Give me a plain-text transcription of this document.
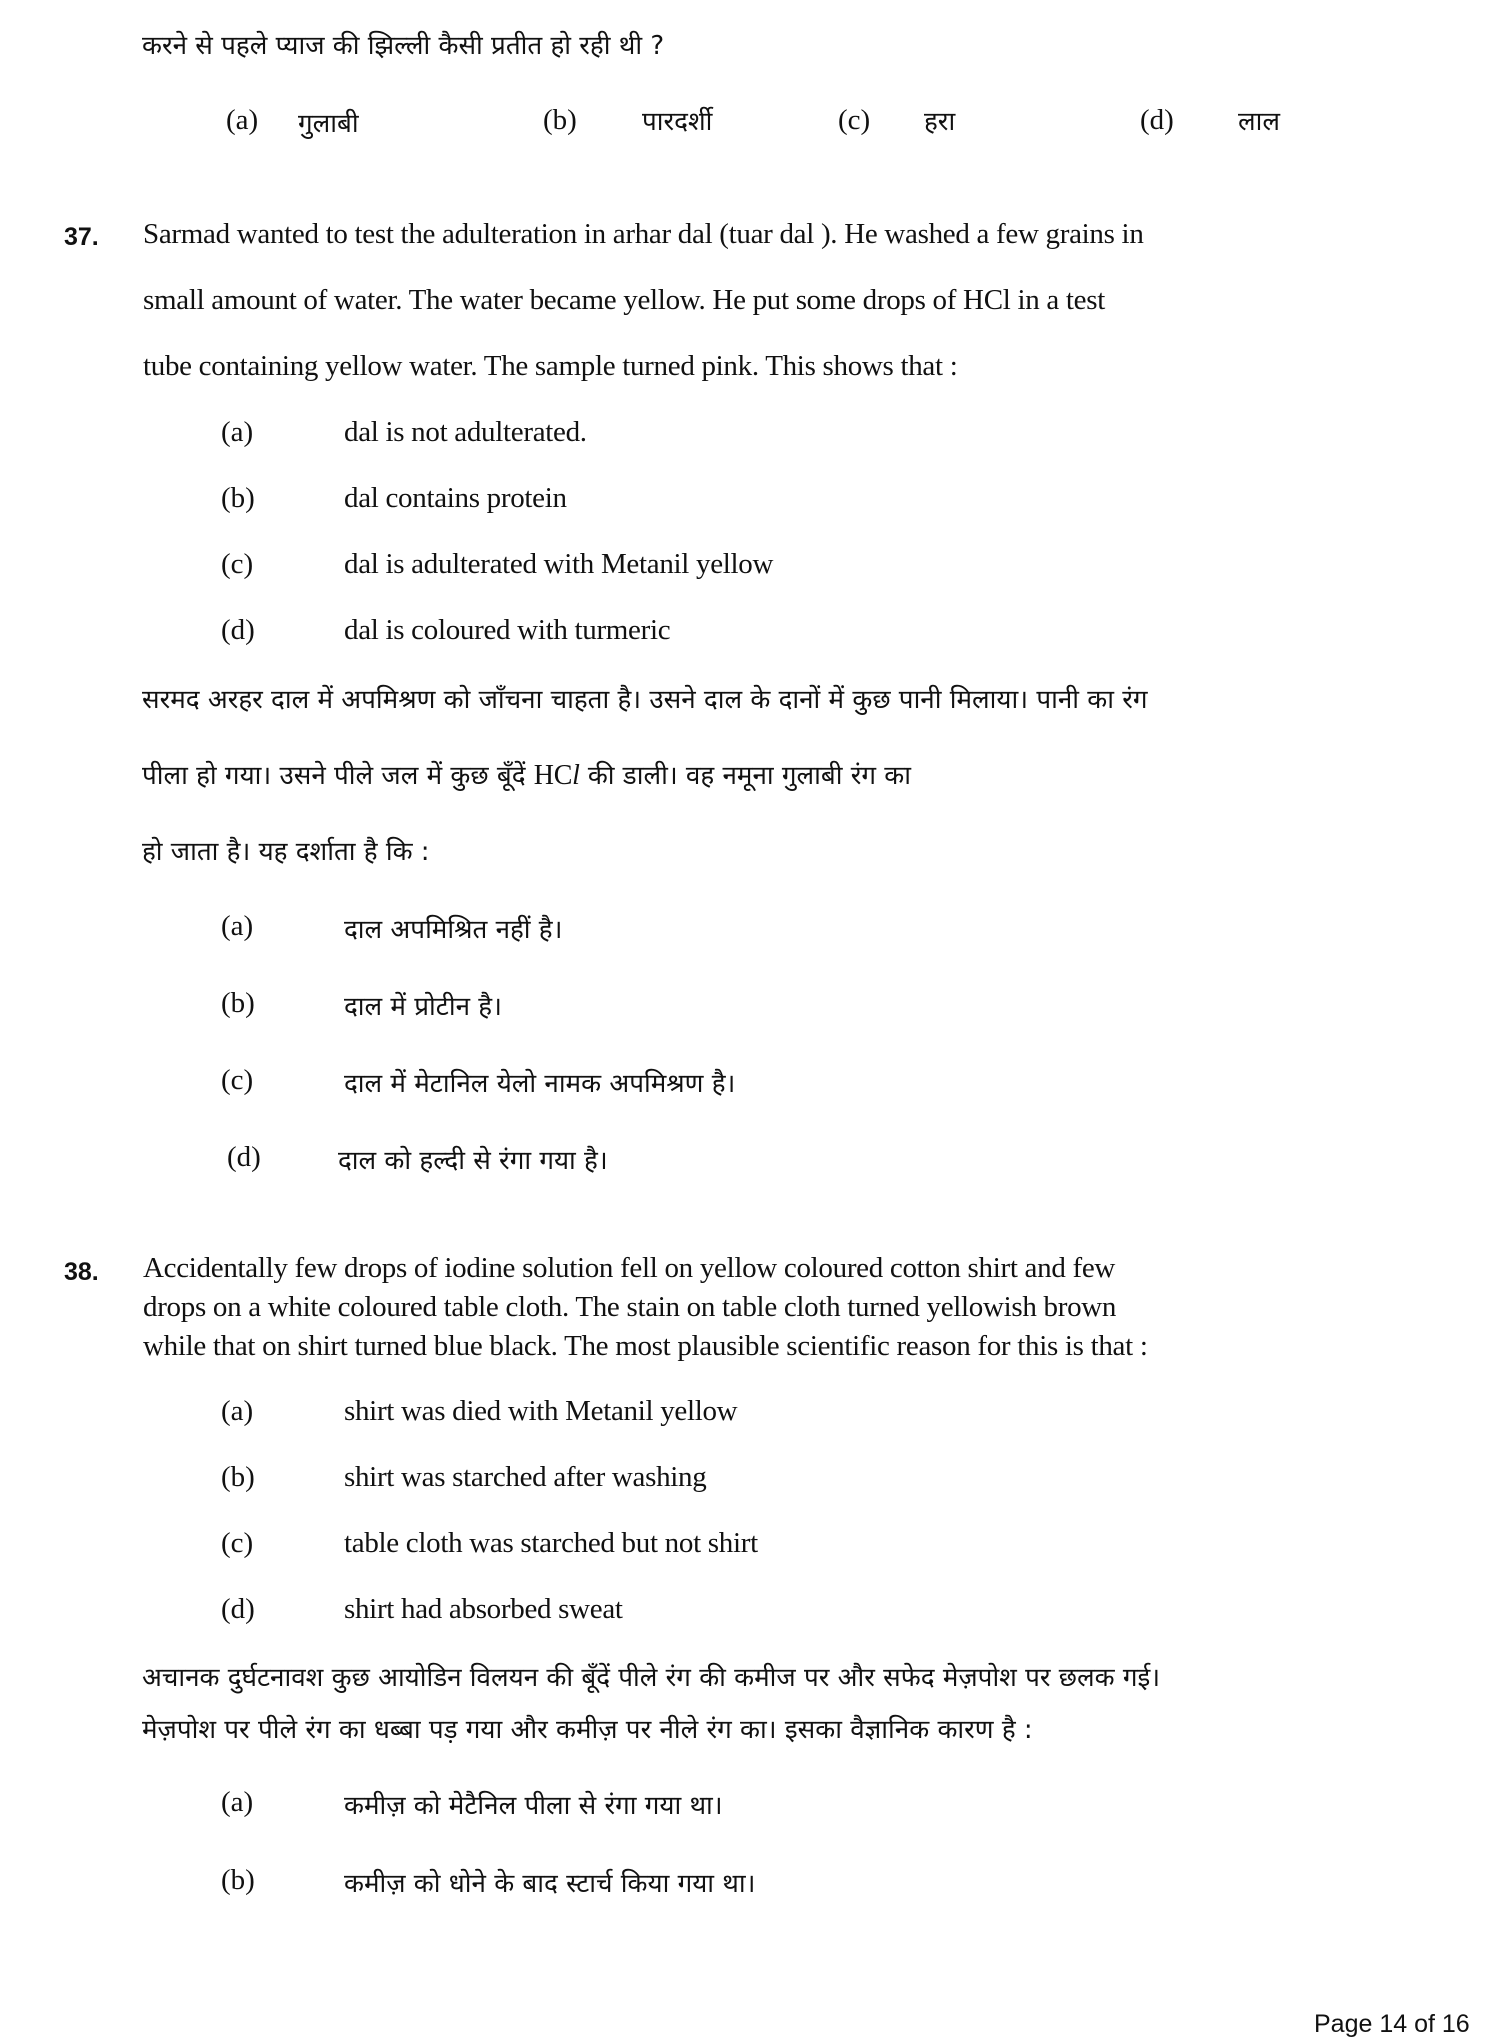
करने से पहले प्याज की झिल्ली कैसी प्रतीत हो रही थी ?
(a) गुलाबी	(b)	पारदर्शी	(c) हरा	(d) लाल
37. Sarmad wanted to test the adulteration in arhar dal (tuar dal ). He washed a few grains in
small amount of water. The water became yellow. He put some drops of HCl in a test
tube containing yellow water. The sample turned pink. This shows that :
(a)	dal is not adulterated.
(b)	dal contains protein
(c)	dal is adulterated with Metanil yellow
(d)	dal is coloured with turmeric
सरमद अरहर दाल में अपमिश्रण को जाँचना चाहता है। उसने दाल के दानों में कुछ पानी मिलाया। पानी का रंग
पीला हो गया। उसने पीले जल में कुछ बूँदें HCl की डाली। वह नमूना गुलाबी रंग का
हो जाता है। यह दर्शाता है कि :
(a)	दाल अपमिश्रित नहीं है।
(b)	दाल में प्रोटीन है।
(c)	दाल में मेटानिल येलो नामक अपमिश्रण है।
(d)	दाल को हल्दी से रंगा गया है।
38. Accidentally few drops of iodine solution fell on yellow coloured cotton shirt and few
drops on a white coloured table cloth. The stain on table cloth turned yellowish brown
while that on shirt turned blue black. The most plausible scientific reason for this is that :
(a)	shirt was died with Metanil yellow
(b)	shirt was starched after washing
(c)	table cloth was starched but not shirt
(d)	shirt had absorbed sweat
अचानक दुर्घटनावश कुछ आयोडिन विलयन की बूँदें पीले रंग की कमीज पर और सफेद मेज़पोश पर छलक गई।
मेज़पोश पर पीले रंग का धब्बा पड़ गया और कमीज़ पर नीले रंग का। इसका वैज्ञानिक कारण है :
(a)	कमीज़ को मेटैनिल पीला से रंगा गया था।
(b)	कमीज़ को धोने के बाद स्टार्च किया गया था।
Page 14 of 16
